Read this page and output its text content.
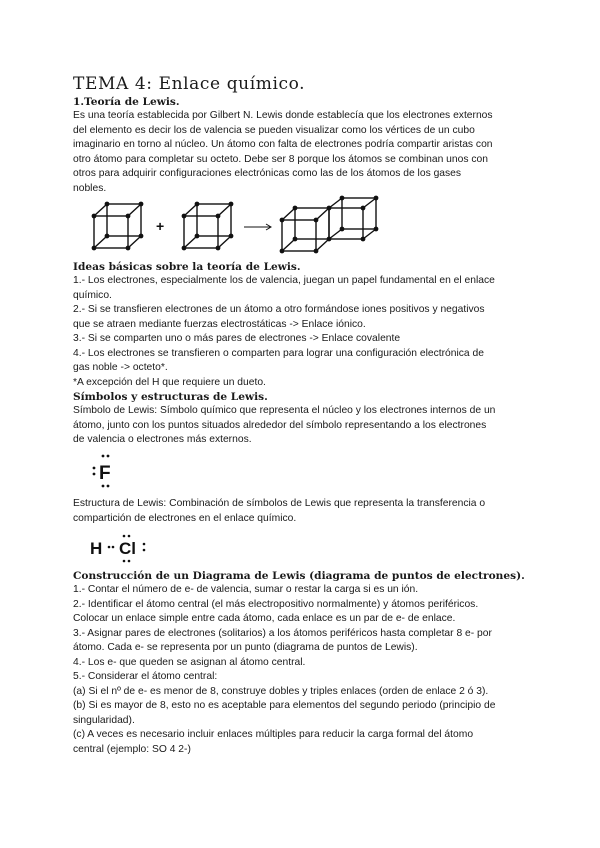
TEMA 4: Enlace químico.
1.Teoría de Lewis.
Es una teoría establecida por Gilbert N. Lewis donde establecía que los electrones externos
del elemento es decir los de valencia se pueden visualizar como los vértices de un cubo
imaginario en torno al núcleo. Un átomo con falta de electrones podría compartir aristas con
otro átomo para completar su octeto. Debe ser 8 porque los átomos se combinan unos con
otros para adquirir configuraciones electrónicas como las de los átomos de los gases
nobles.
+
Ideas básicas sobre la teoría de Lewis.
1.- Los electrones, especialmente los de valencia, juegan un papel fundamental en el enlace
químico.
2.- Si se transfieren electrones de un átomo a otro formándose iones positivos y negativos
que se atraen mediante fuerzas electrostáticas -> Enlace iónico.
3.- Si se comparten uno o más pares de electrones -> Enlace covalente
4.- Los electrones se transfieren o comparten para lograr una configuración electrónica de
gas noble -> octeto*.
*A excepción del H que requiere un dueto.
Símbolos y estructuras de Lewis.
Símbolo de Lewis: Símbolo químico que representa el núcleo y los electrones internos de un
átomo, junto con los puntos situados alrededor del símbolo representando a los electrones
de valencia o electrones más externos.
F
Estructura de Lewis: Combinación de símbolos de Lewis que representa la transferencia o
compartición de electrones en el enlace químico.
H Cl
Construcción de un Diagrama de Lewis (diagrama de puntos de electrones).
1.- Contar el número de e- de valencia, sumar o restar la carga si es un ión.
2.- Identificar el átomo central (el más electropositivo normalmente) y átomos periféricos.
Colocar un enlace simple entre cada átomo, cada enlace es un par de e- de enlace.
3.- Asignar pares de electrones (solitarios) a los átomos periféricos hasta completar 8 e- por
átomo. Cada e- se representa por un punto (diagrama de puntos de Lewis).
4.- Los e- que queden se asignan al átomo central.
5.- Considerar el átomo central:
(a) Si el nº de e- es menor de 8, construye dobles y triples enlaces (orden de enlace 2 ó 3).
(b) Si es mayor de 8, esto no es aceptable para elementos del segundo periodo (principio de
singularidad).
(c) A veces es necesario incluir enlaces múltiples para reducir la carga formal del átomo
central (ejemplo: SO 4 2-)
